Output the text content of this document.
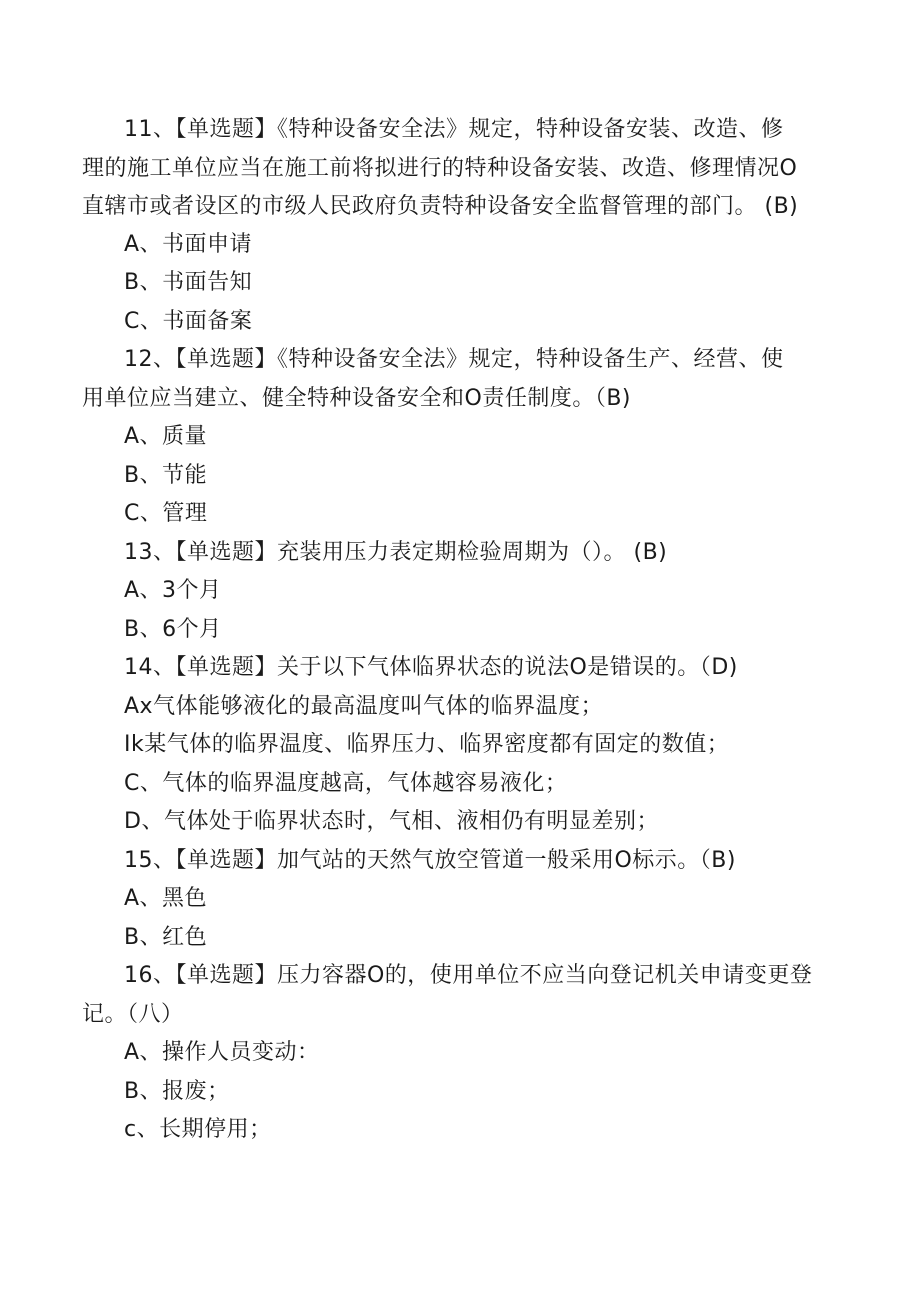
11、【单选题】《特种设备安全法》规定，特种设备安装、改造、修
理的施工单位应当在施工前将拟进行的特种设备安装、改造、修理情况O
直辖市或者设区的市级人民政府负责特种设备安全监督管理的部门。 (B)
A、书面申请
B、书面告知
C、书面备案
12、【单选题】《特种设备安全法》规定，特种设备生产、经营、使
用单位应当建立、健全特种设备安全和O责任制度。（B)
A、质量
B、节能
C、管理
13、【单选题】充装用压力表定期检验周期为（）。 (B)
A、3个月
B、6个月
14、【单选题】关于以下气体临界状态的说法O是错误的。（D)
Ax气体能够液化的最高温度叫气体的临界温度；
Ik某气体的临界温度、临界压力、临界密度都有固定的数值；
C、气体的临界温度越高，气体越容易液化；
D、气体处于临界状态时，气相、液相仍有明显差别；
15、【单选题】加气站的天然气放空管道一般采用O标示。（B)
A、黑色
B、红色
16、【单选题】压力容器O的，使用单位不应当向登记机关申请变更登
记。（八）
A、操作人员变动：
B、报废；
c、长期停用；
